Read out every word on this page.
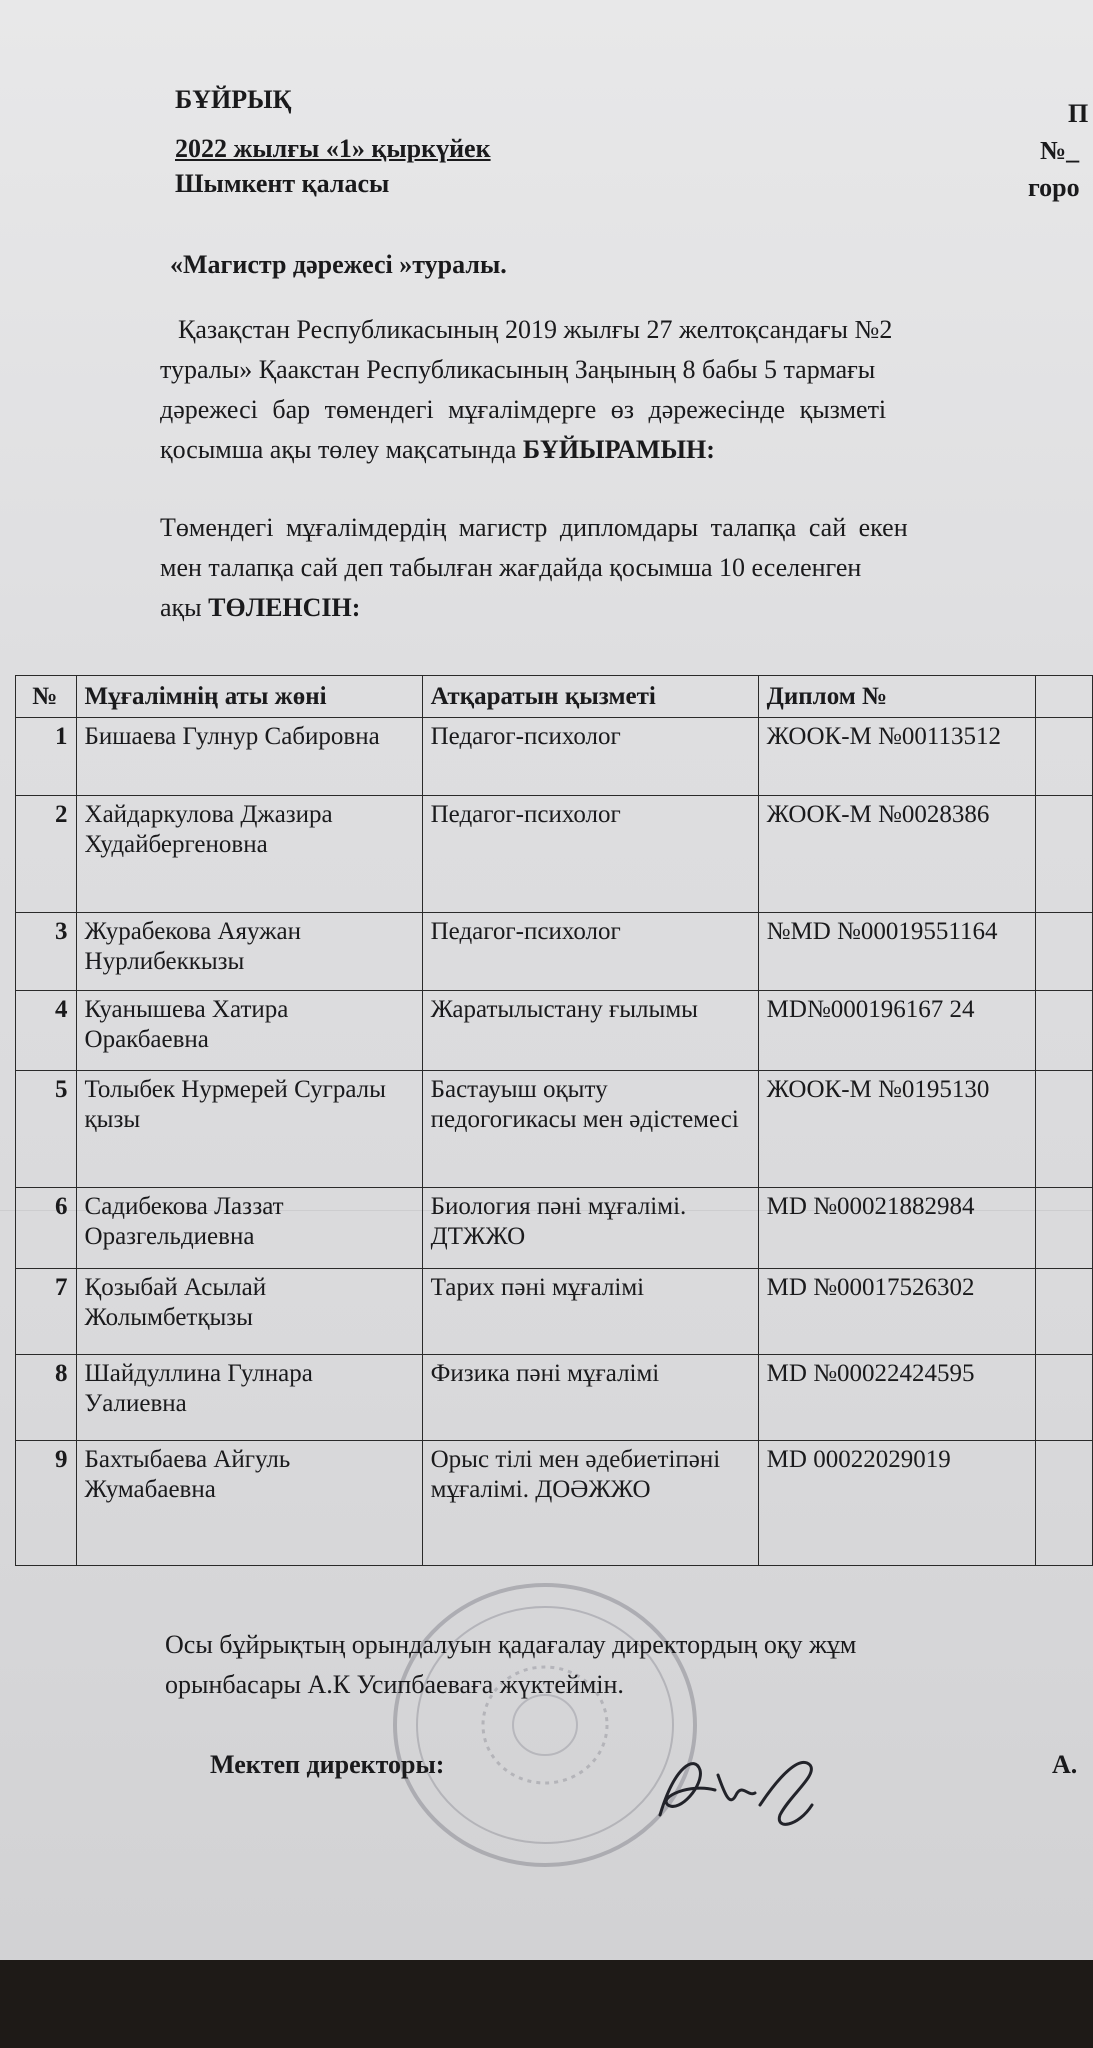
БҰЙРЫҚ
2022 жылғы «1» қыркүйек
Шымкент қаласы
П
№_
горо
«Магистр дәрежесі »туралы.
Қазақстан Республикасының 2019 жылғы 27 желтоқсандағы №2
туралы» Қаакстан Республикасының Заңының 8 бабы 5 тармағы
дәрежесі бар төмендегі мұғалімдерге өз дәрежесінде қызметі
қосымша ақы төлеу мақсатында БҰЙЫРАМЫН:
Төмендегі мұғалімдердің магистр дипломдары талапқа сай екен
мен талапқа сай деп табылған жағдайда қосымша 10 еселенген
ақы ТӨЛЕНСІН:
№	Мұғалімнің аты жөні	Атқаратын қызметі	Диплом №	
1	Бишаева Гулнур Сабировна	Педагог-психолог	ЖООК-М №00113512	
2	Хайдаркулова Джазира Худайбергеновна	Педагог-психолог	ЖООК-М №0028386	
3	Журабекова Аяужан Нурлибеккызы	Педагог-психолог	№MD №00019551164	
4	Куанышева Хатира Оракбаевна	Жаратылыстану ғылымы	MD№000196167 24	
5	Толыбек Нурмерей Сугралы қызы	Бастауыш оқыту педогогикасы мен әдістемесі	ЖООК-М №0195130	
6	Садибекова Лаззат Оразгельдиевна	Биология пәні мұғалімі. ДТЖЖО	MD №00021882984	
7	Қозыбай Асылай Жолымбетқызы	Тарих пәні мұғалімі	MD №00017526302	
8	Шайдуллина Гулнара Уалиевна	Физика пәні мұғалімі	MD №00022424595	
9	Бахтыбаева Айгуль Жумабаевна	Орыс тілі мен әдебиетіпәні мұғалімі. ДОӘЖЖО	MD 00022029019	
Осы бұйрықтың орындалуын қадағалау директордың оқу жұм
орынбасары А.К Усипбаеваға жүктеймін.
Мектеп директоры:	А.
